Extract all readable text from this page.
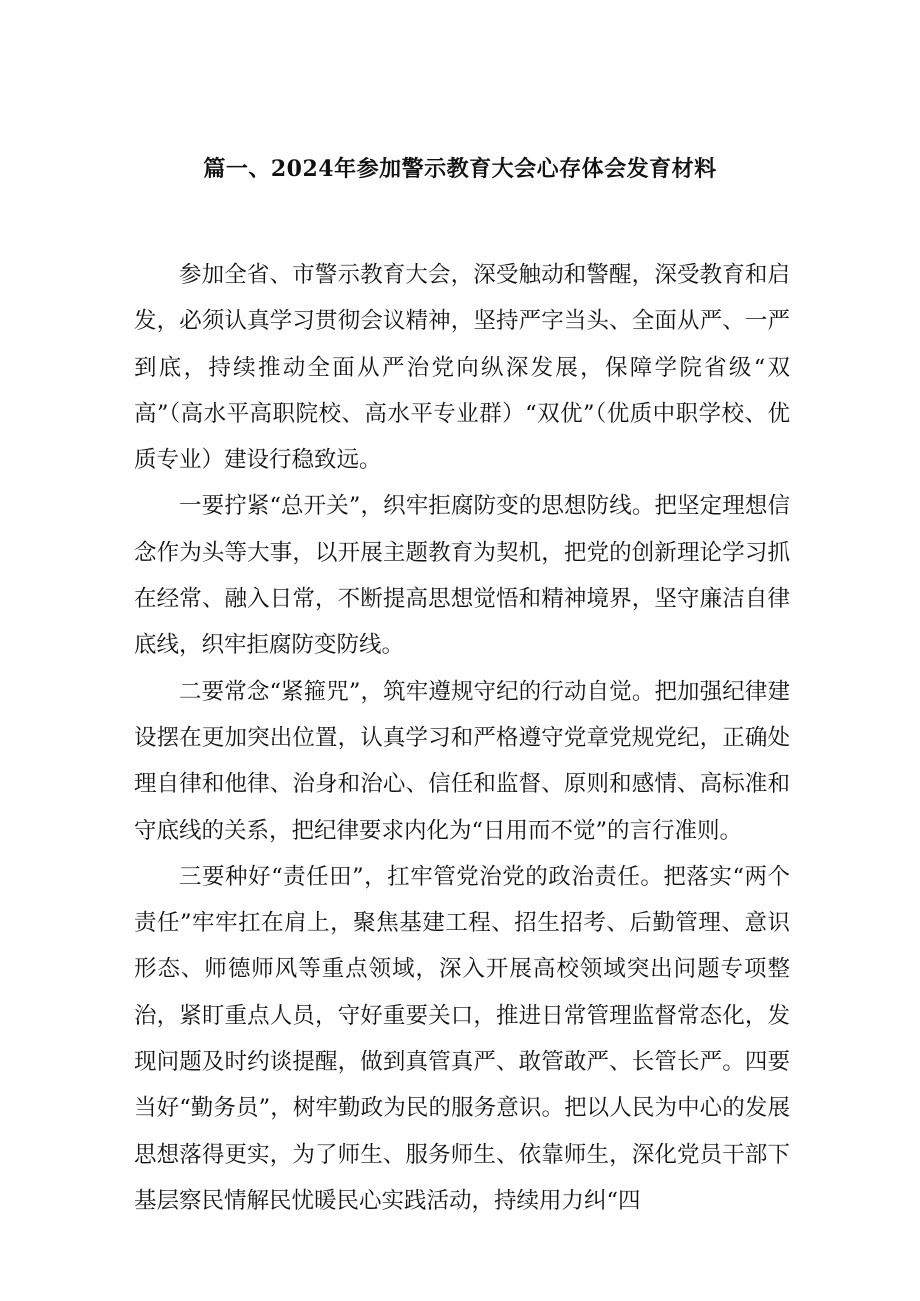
篇一、2024年参加警示教育大会心存体会发育材料

参加全省、市警示教育大会，深受触动和警醒，深受教育和启发，必须认真学习贯彻会议精神，坚持严字当头、全面从严、一严到底，持续推动全面从严治党向纵深发展，保障学院省级“双高”（高水平高职院校、高水平专业群）“双优”（优质中职学校、优质专业）建设行稳致远。

一要拧紧“总开关”，织牢拒腐防变的思想防线。把坚定理想信念作为头等大事，以开展主题教育为契机，把党的创新理论学习抓在经常、融入日常，不断提高思想觉悟和精神境界，坚守廉洁自律底线，织牢拒腐防变防线。

二要常念“紧箍咒”，筑牢遵规守纪的行动自觉。把加强纪律建设摆在更加突出位置，认真学习和严格遵守党章党规党纪，正确处理自律和他律、治身和治心、信任和监督、原则和感情、高标准和守底线的关系，把纪律要求内化为“日用而不觉”的言行准则。

三要种好“责任田”，扛牢管党治党的政治责任。把落实“两个责任”牢牢扛在肩上，聚焦基建工程、招生招考、后勤管理、意识形态、师德师风等重点领域，深入开展高校领域突出问题专项整治，紧盯重点人员，守好重要关口，推进日常管理监督常态化，发现问题及时约谈提醒，做到真管真严、敢管敢严、长管长严。四要当好“勤务员”，树牢勤政为民的服务意识。把以人民为中心的发展思想落得更实，为了师生、服务师生、依靠师生，深化党员干部下基层察民情解民忧暖民心实践活动，持续用力纠“四
